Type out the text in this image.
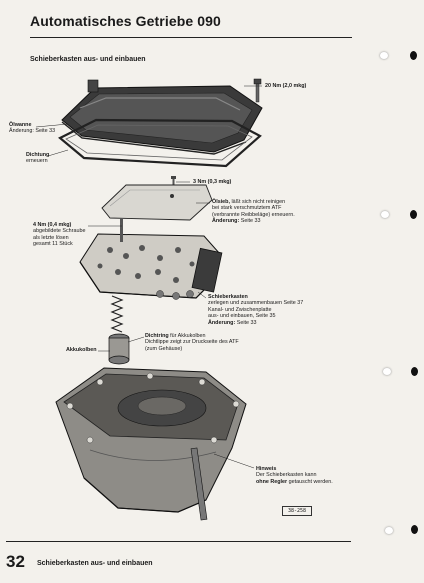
Automatisches Getriebe 090
Schieberkasten aus- und einbauen
20 Nm (2,0 mkg)
Ölwanne
Änderung: Seite 33
Dichtung
erneuern
3 Nm (0,3 mkg)
Ölsieb, läßt sich nicht reinigen
bei stark verschmutztem ATF
(verbrannte Reibbeläge) erneuern.
Änderung: Seite 33
4 Nm (0,4 mkg)
abgebildete Schraube
als letzte lösen
gesamt 11 Stück
Schieberkasten
zerlegen und zusammenbauen Seite 37
Kanal- und Zwischenplatte
aus- und einbauen, Seite 35
Änderung: Seite 33
Dichtring für Akkukolben
Dichtlippe zeigt zur Druckseite des ATF
(zum Gehäuse)
Akkukolben
Hinweis
Der Schieberkasten kann
ohne Regler getauscht werden.
38-258
32 Schieberkasten aus- und einbauen
